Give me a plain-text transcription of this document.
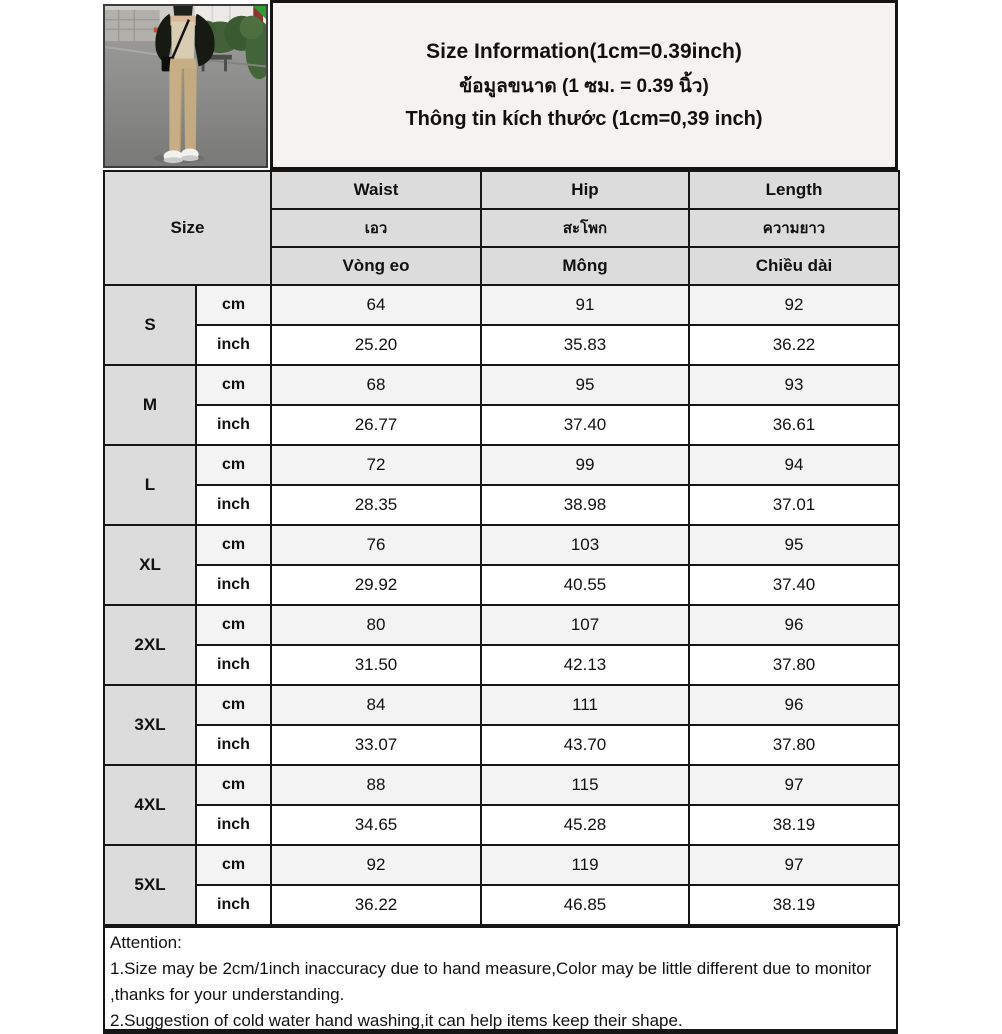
Size Information(1cm=0.39inch)
ข้อมูลขนาด (1 ซม. = 0.39 นิ้ว)
Thông tin kích thước (1cm=0,39 inch)
Size		Waist	Hip	Length
		เอว	สะโพก	ความยาว
		Vòng eo	Mông	Chiều dài
S	cm	64	91	92
	inch	25.20	35.83	36.22
M	cm	68	95	93
	inch	26.77	37.40	36.61
L	cm	72	99	94
	inch	28.35	38.98	37.01
XL	cm	76	103	95
	inch	29.92	40.55	37.40
2XL	cm	80	107	96
	inch	31.50	42.13	37.80
3XL	cm	84	111	96
	inch	33.07	43.70	37.80
4XL	cm	88	115	97
	inch	34.65	45.28	38.19
5XL	cm	92	119	97
	inch	36.22	46.85	38.19
Attention:
1.Size may be 2cm/1inch inaccuracy due to hand measure,Color may be little different due to monitor ,thanks for your understanding.
2.Suggestion of cold water hand washing,it can help items keep their shape.
